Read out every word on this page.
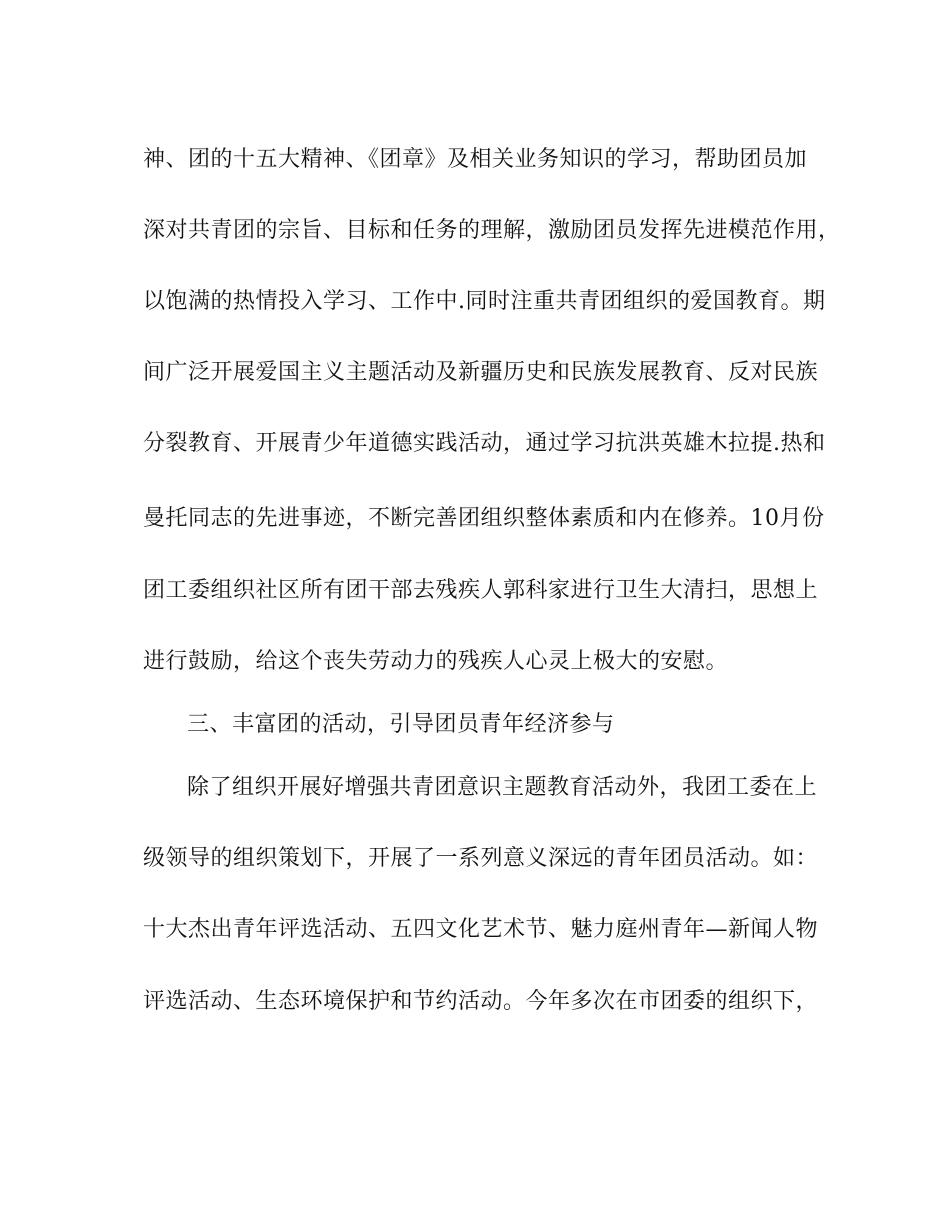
神、团的十五大精神、《团章》及相关业务知识的学习，帮助团员加
深对共青团的宗旨、目标和任务的理解，激励团员发挥先进模范作用，
以饱满的热情投入学习、工作中.同时注重共青团组织的爱国教育。期
间广泛开展爱国主义主题活动及新疆历史和民族发展教育、反对民族
分裂教育、开展青少年道德实践活动，通过学习抗洪英雄木拉提.热和
曼托同志的先进事迹，不断完善团组织整体素质和内在修养。10月份
团工委组织社区所有团干部去残疾人郭科家进行卫生大清扫，思想上
进行鼓励，给这个丧失劳动力的残疾人心灵上极大的安慰。
三、丰富团的活动，引导团员青年经济参与
除了组织开展好增强共青团意识主题教育活动外，我团工委在上
级领导的组织策划下，开展了一系列意义深远的青年团员活动。如：
十大杰出青年评选活动、五四文化艺术节、魅力庭州青年—新闻人物
评选活动、生态环境保护和节约活动。今年多次在市团委的组织下，
